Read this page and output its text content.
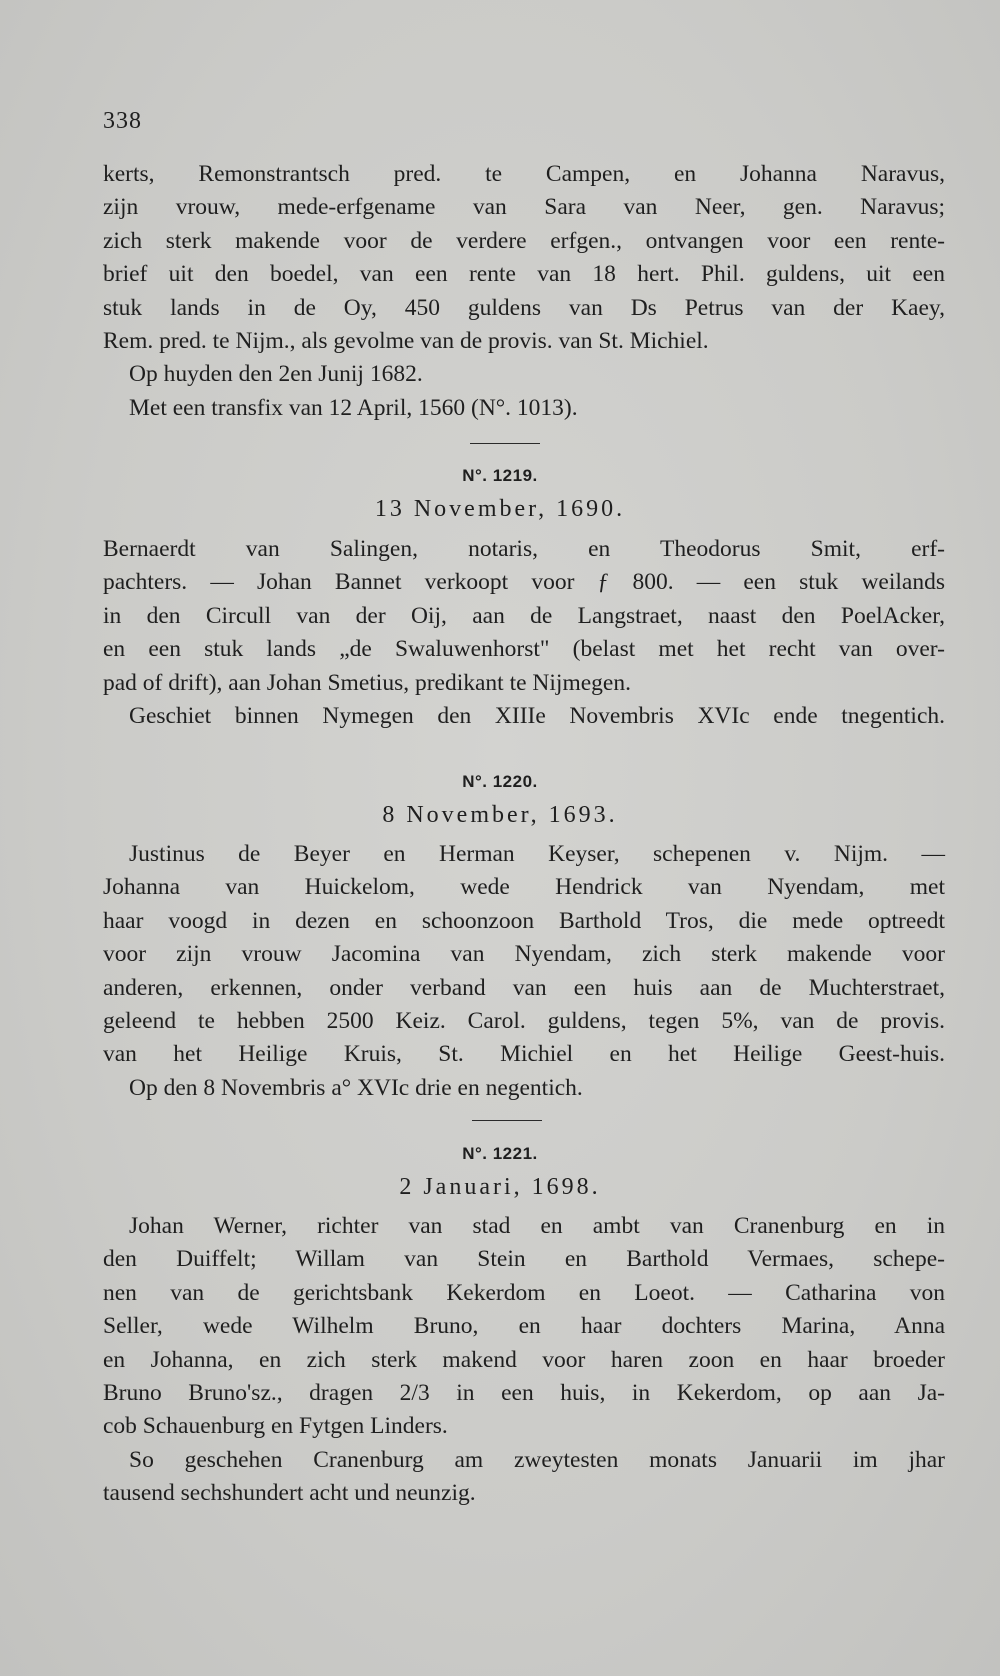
338
kerts, Remonstrantsch pred. te Campen, en Johanna Naravus,
zijn vrouw, mede-erfgename van Sara van Neer, gen. Naravus;
zich sterk makende voor de verdere erfgen., ontvangen voor een rente-
brief uit den boedel, van een rente van 18 hert. Phil. guldens, uit een
stuk lands in de Oy, 450 guldens van Ds Petrus van der Kaey,
Rem. pred. te Nijm., als gevolme van de provis. van St. Michiel.
Op huyden den 2en Junij 1682.
Met een transfix van 12 April, 1560 (N°. 1013).
N°. 1219.
13 November, 1690.
Bernaerdt van Salingen, notaris, en Theodorus Smit, erf-
pachters. — Johan Bannet verkoopt voor ƒ 800. — een stuk weilands
in den Circull van der Oij, aan de Langstraet, naast den PoelAcker,
en een stuk lands „de Swaluwenhorst" (belast met het recht van over-
pad of drift), aan Johan Smetius, predikant te Nijmegen.
Geschiet binnen Nymegen den XIIIe Novembris XVIc ende tnegentich.
N°. 1220.
8 November, 1693.
Justinus de Beyer en Herman Keyser, schepenen v. Nijm. —
Johanna van Huickelom, wede Hendrick van Nyendam, met
haar voogd in dezen en schoonzoon Barthold Tros, die mede optreedt
voor zijn vrouw Jacomina van Nyendam, zich sterk makende voor
anderen, erkennen, onder verband van een huis aan de Muchterstraet,
geleend te hebben 2500 Keiz. Carol. guldens, tegen 5%, van de provis.
van het Heilige Kruis, St. Michiel en het Heilige Geest-huis.
Op den 8 Novembris a° XVIc drie en negentich.
N°. 1221.
2 Januari, 1698.
Johan Werner, richter van stad en ambt van Cranenburg en in
den Duiffelt; Willam van Stein en Barthold Vermaes, schepe-
nen van de gerichtsbank Kekerdom en Loeot. — Catharina von
Seller, wede Wilhelm Bruno, en haar dochters Marina, Anna
en Johanna, en zich sterk makend voor haren zoon en haar broeder
Bruno Bruno'sz., dragen 2/3 in een huis, in Kekerdom, op aan Ja-
cob Schauenburg en Fytgen Linders.
So geschehen Cranenburg am zweytesten monats Januarii im jhar
tausend sechshundert acht und neunzig.
